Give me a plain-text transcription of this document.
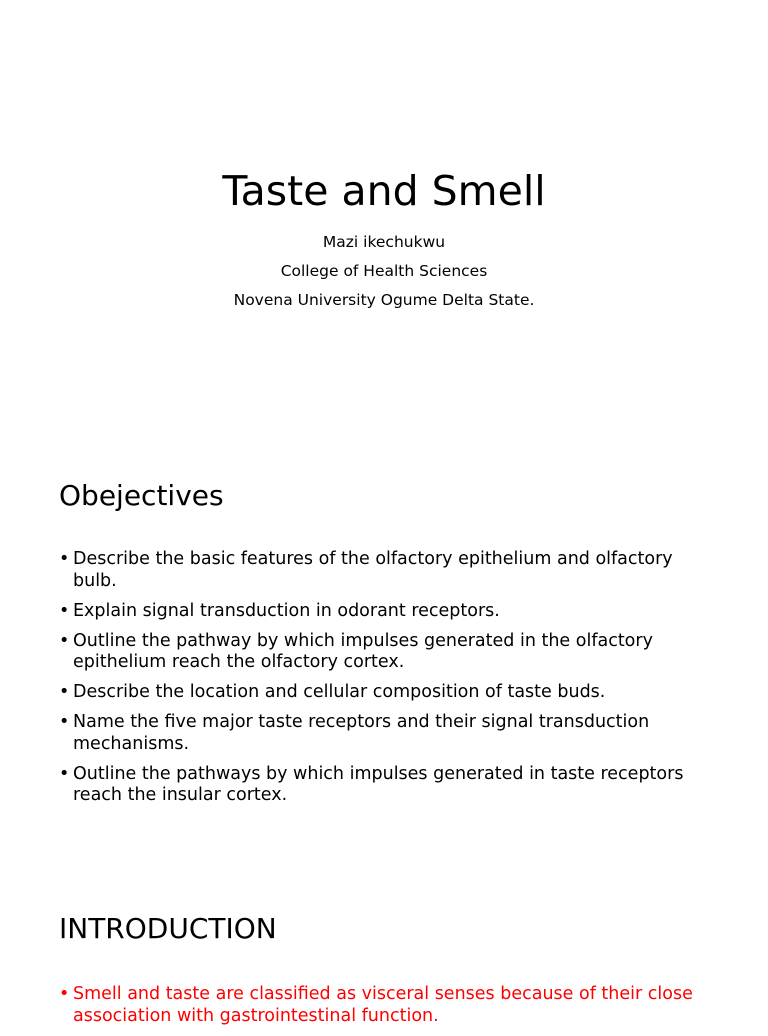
Taste and Smell
Mazi ikechukwu
College of Health Sciences
Novena University Ogume Delta State.
Obejectives
• Describe the basic features of the olfactory epithelium and olfactory bulb.
• Explain signal transduction in odorant receptors.
• Outline the pathway by which impulses generated in the olfactory epithelium reach the olfactory cortex.
• Describe the location and cellular composition of taste buds.
• Name the five major taste receptors and their signal transduction mechanisms.
• Outline the pathways by which impulses generated in taste receptors reach the insular cortex.
INTRODUCTION
• Smell and taste are classified as visceral senses because of their close association with gastrointestinal function.
